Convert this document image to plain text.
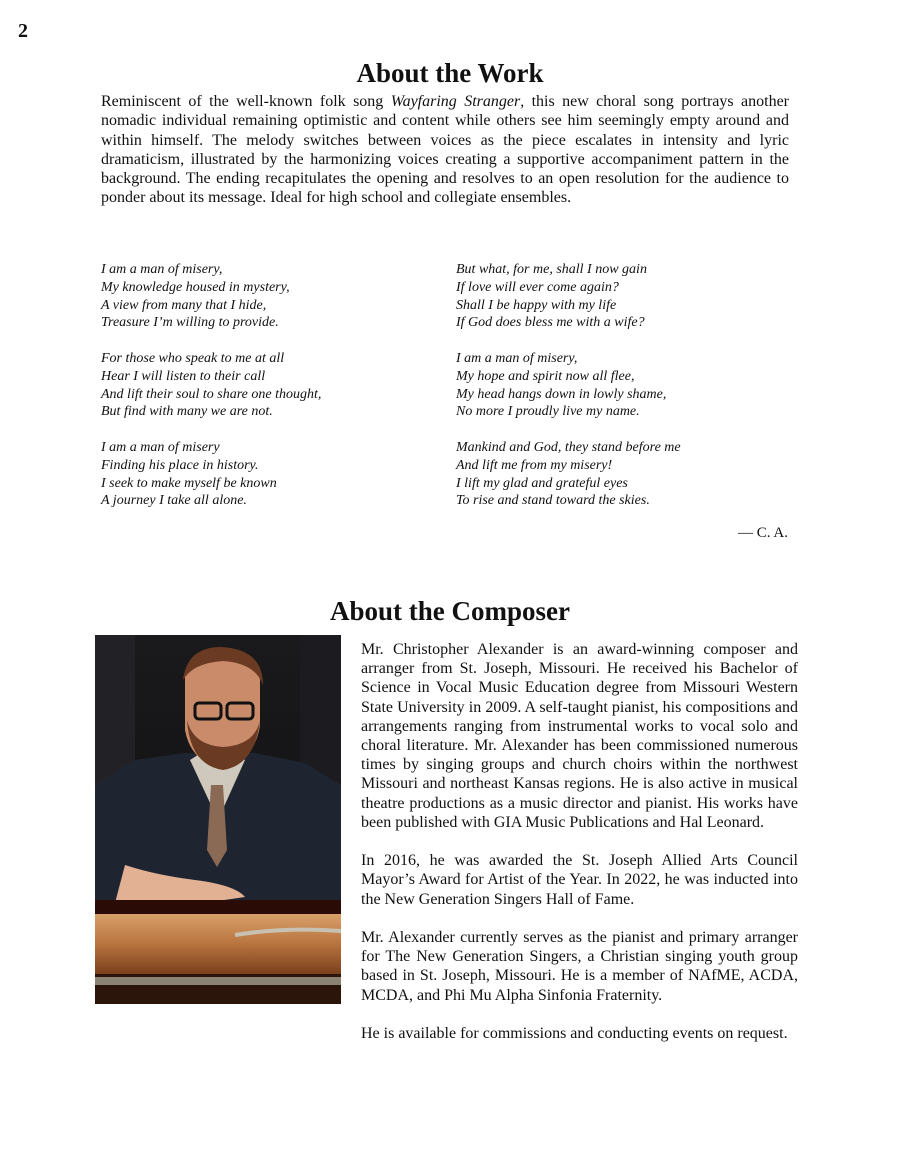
2
About the Work

Reminiscent of the well-known folk song Wayfaring Stranger, this new choral song portrays another nomadic individual remaining optimistic and content while others see him seemingly empty around and within himself. The melody switches between voices as the piece escalates in intensity and lyric dramaticism, illustrated by the harmonizing voices creating a supportive accompaniment pattern in the background. The ending recapitulates the opening and resolves to an open resolution for the audience to ponder about its message. Ideal for high school and collegiate ensembles.

I am a man of misery,
My knowledge housed in mystery,
A view from many that I hide,
Treasure I’m willing to provide.
For those who speak to me at all
Hear I will listen to their call
And lift their soul to share one thought,
But find with many we are not.
I am a man of misery
Finding his place in history.
I seek to make myself be known
A journey I take all alone.
But what, for me, shall I now gain
If love will ever come again?
Shall I be happy with my life
If God does bless me with a wife?
I am a man of misery,
My hope and spirit now all flee,
My head hangs down in lowly shame,
No more I proudly live my name.
Mankind and God, they stand before me
And lift me from my misery!
I lift my glad and grateful eyes
To rise and stand toward the skies.
— C. A.
About the Composer

Mr. Christopher Alexander is an award-winning composer and arranger from St. Joseph, Missouri. He received his Bachelor of Science in Vocal Music Education degree from Missouri Western State University in 2009. A self-taught pianist, his compositions and arrangements ranging from instrumental works to vocal solo and choral literature. Mr. Alexander has been commissioned numerous times by singing groups and church choirs within the northwest Missouri and northeast Kansas regions. He is also active in musical theatre productions as a music director and pianist. His works have been published with GIA Music Publications and Hal Leonard.

In 2016, he was awarded the St. Joseph Allied Arts Council Mayor’s Award for Artist of the Year. In 2022, he was inducted into the New Generation Singers Hall of Fame.

Mr. Alexander currently serves as the pianist and primary arranger for The New Generation Singers, a Christian singing youth group based in St. Joseph, Missouri. He is a member of NAfME, ACDA, MCDA, and Phi Mu Alpha Sinfonia Fraternity.

He is available for commissions and conducting events on request.
